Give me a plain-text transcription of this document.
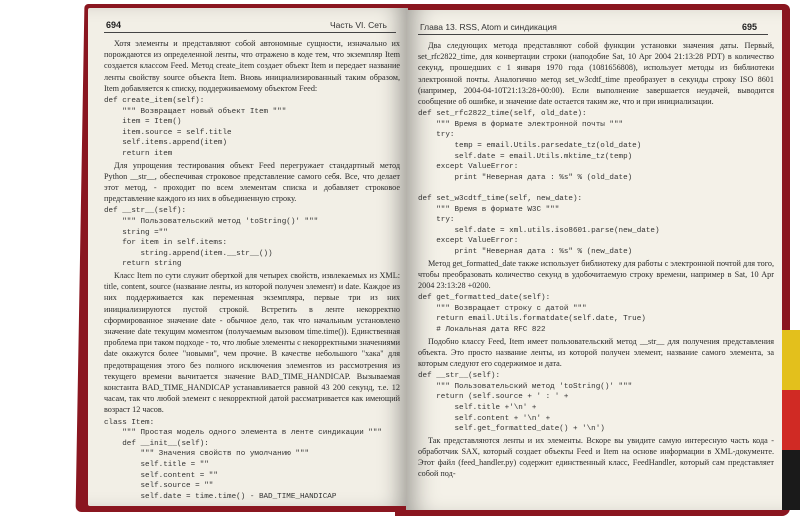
694	Часть VI. Сеть	Глава 13. RSS, Atom и синдикация	695

Хотя элементы и представляют собой автономные сущности, изначально их порождаются из определенной ленты, что отражено в коде тем, что экземпляр Item создается классом Feed. Метод create_item создает объект Item и передает название ленты свойству source объекта Item. Вновь инициализированный таким образом, Item добавляется к списку, поддерживаемому объектом Feed:

def create_item(self):
""" Возвращает новый объект Item """
item = Item()
item.source = self.title
self.items.append(item)
return item

Для упрощения тестирования объект Feed перегружает стандартный метод Python __str__, обеспечивая строковое представление самого себя. Все, что делает этот метод, - проходит по всем элементам списка и добавляет строковое представление каждого из них в объединенную строку.

def __str__(self):
""" Пользовательский метод 'toString()' """
string =""
for item in self.items:
string.append(item.__str__())
return string

Класс Item по сути служит оберткой для четырех свойств, извлекаемых из XML: title, content, source (название ленты, из которой получен элемент) и date. Каждое из них поддерживается как переменная экземпляра, первые три из них инициализируются пустой строкой. Встретить в ленте некорректно сформированное значение date - обычное дело, так что начальным установлено значение date текущим моментом (получаемым вызовом time.time()). Единственная проблема при таком подходе - то, что любые элементы с некорректными значениями date окажутся более "новыми", чем прочие. В качестве небольшого "хака" для предотвращения этого без полного исключения элементов из рассмотрения из текущего времени вычитается значение BAD_TIME_HANDICAP. Вызываемая константа BAD_TIME_HANDICAP устанавливается равной 43 200 секунд, т.е. 12 часам, так что любой элемент с некорректной датой рассматривается как имеющий возраст 12 часов.

class Item:
""" Простая модель одного элемента в ленте синдикации """
def __init__(self):
""" Значения свойств по умолчанию """
self.title = ""
self.content = ""
self.source = ""
self.date = time.time() - BAD_TIME_HANDICAP

Два следующих метода представляют собой функции установки значения даты. Первый, set_rfc2822_time, для конвертации строки (наподобие Sat, 10 Apr 2004 21:13:28 PDT) в количество секунд, прошедших с 1 января 1970 года (1081656808), использует методы из библиотеки электронной почты. Аналогично метод set_w3cdtf_time преобразует в секунды строку ISO 8601 (например, 2004-04-10T21:13:28+00:00). Если выполнение завершается неудачей, выводится сообщение об ошибке, и значение date остается таким же, что и при инициализации.

def set_rfc2822_time(self, old_date):
""" Время в формате электронной почты """
try:
temp = email.Utils.parsedate_tz(old_date)
self.date = email.Utils.mktime_tz(temp)
except ValueError:
print "Неверная дата : %s" % (old_date)

def set_w3cdtf_time(self, new_date):
""" Время в формате W3C """
try:
self.date = xml.utils.iso8601.parse(new_date)
except ValueError:
print "Неверная дата : %s" % (new_date)

Метод get_formatted_date также использует библиотеку для работы с электронной почтой для того, чтобы преобразовать количество секунд в удобочитаемую строку времени, например в Sat, 10 Apr 2004 23:13:28 +0200.

def get_formatted_date(self):
""" Возвращает строку с датой """
return email.Utils.formatdate(self.date, True)
# Локальная дата RFC 822

Подобно классу Feed, Item имеет пользовательский метод __str__ для получения представления объекта. Это просто название ленты, из которой получен элемент, название самого элемента, за которым следуют его содержимое и дата.

def __str__(self):
""" Пользовательский метод 'toString()' """
return (self.source + ' : ' +
self.title +'\n' +
self.content + '\n' +
self.get_formatted_date() + '\n')

Так представляются ленты и их элементы. Вскоре вы увидите самую интересную часть кода - обработчик SAX, который создает объекты Feed и Item на основе информации в XML-документе. Этот файл (feed_handler.py) содержит единственный класс, FeedHandler, который сам представляет собой под-
